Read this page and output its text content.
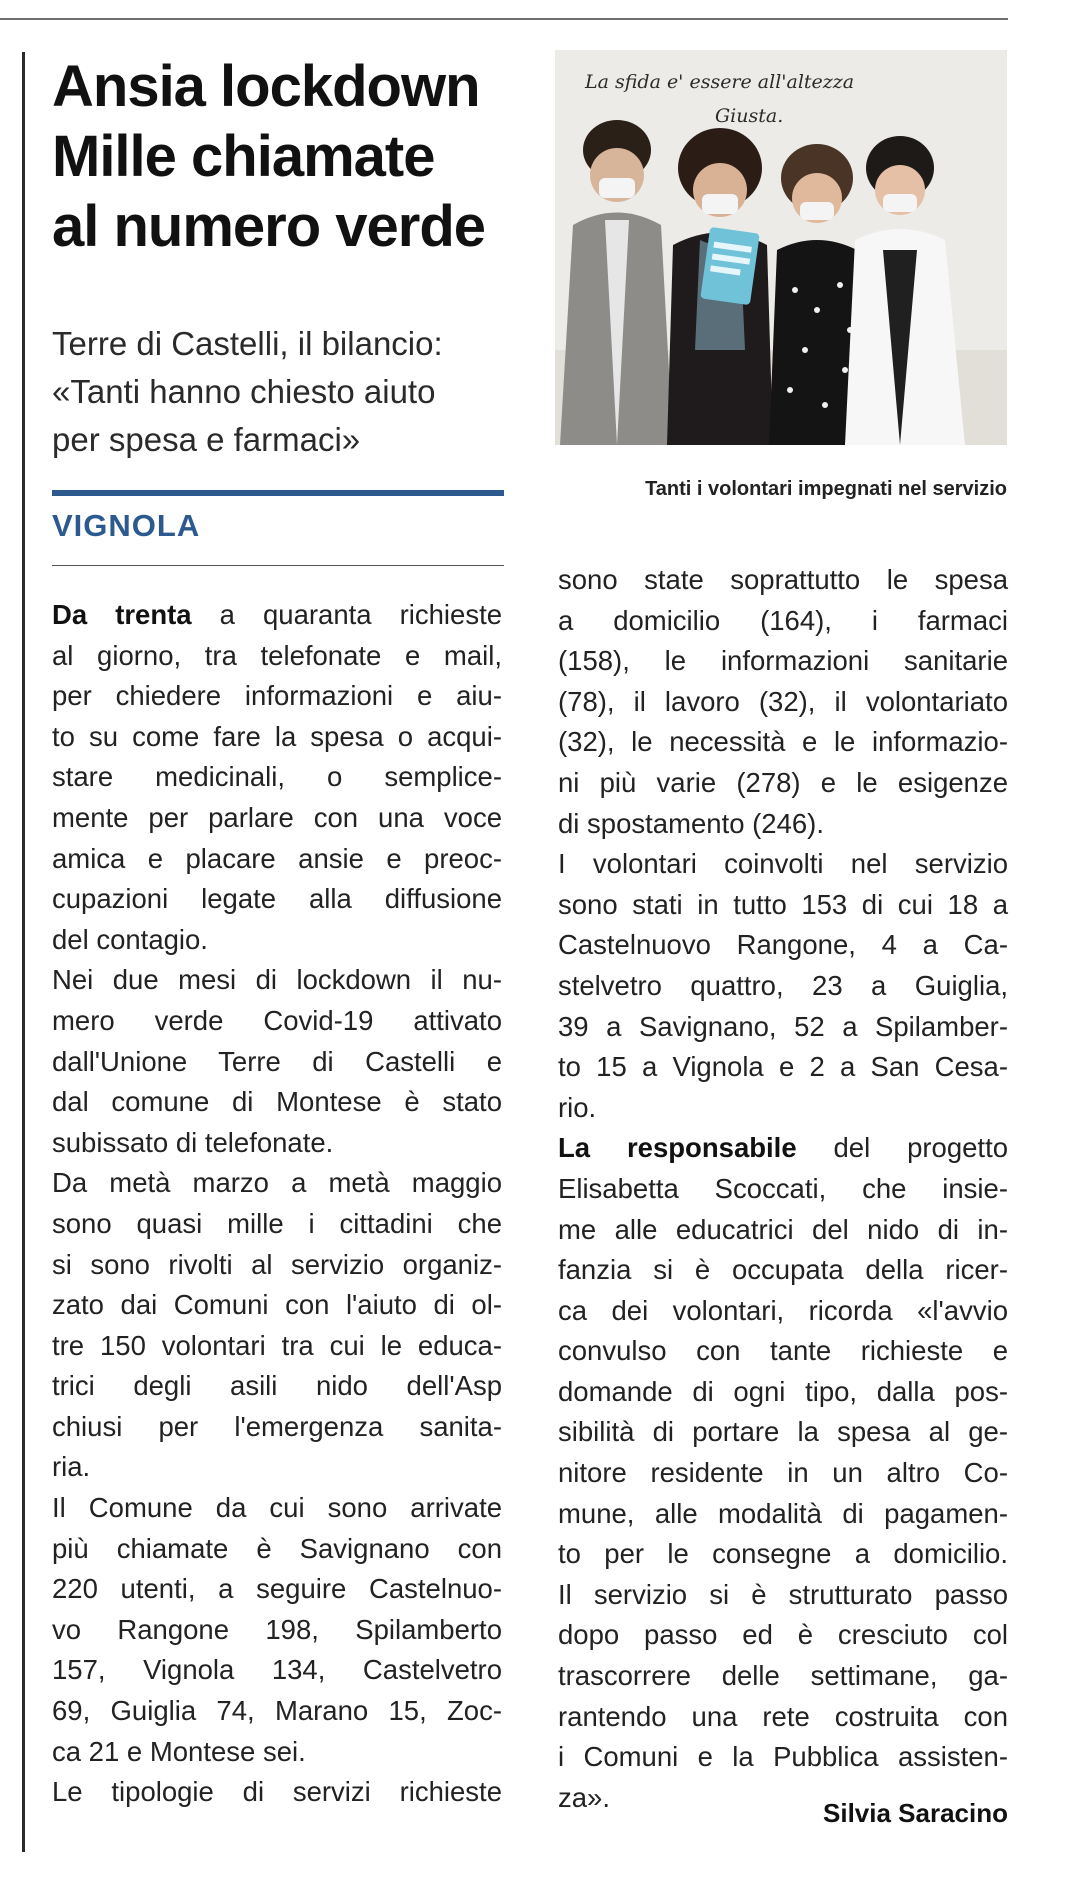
Ansia lockdown
Mille chiamate
al numero verde
Terre di Castelli, il bilancio:
«Tanti hanno chiesto aiuto
per spesa e farmaci»
VIGNOLA
La sfida e' essere all'altezza
Giusta.
Tanti i volontari impegnati nel servizio
Da trenta a quaranta richieste
al giorno, tra telefonate e mail,
per chiedere informazioni e aiu-
to su come fare la spesa o acqui-
stare medicinali, o semplice-
mente per parlare con una voce
amica e placare ansie e preoc-
cupazioni legate alla diffusione
del contagio.
Nei due mesi di lockdown il nu-
mero verde Covid-19 attivato
dall'Unione Terre di Castelli e
dal comune di Montese è stato
subissato di telefonate.
Da metà marzo a metà maggio
sono quasi mille i cittadini che
si sono rivolti al servizio organiz-
zato dai Comuni con l'aiuto di ol-
tre 150 volontari tra cui le educa-
trici degli asili nido dell'Asp
chiusi per l'emergenza sanita-
ria.
Il Comune da cui sono arrivate
più chiamate è Savignano con
220 utenti, a seguire Castelnuo-
vo Rangone 198, Spilamberto
157, Vignola 134, Castelvetro
69, Guiglia 74, Marano 15, Zoc-
ca 21 e Montese sei.
Le tipologie di servizi richieste
sono state soprattutto le spesa
a domicilio (164), i farmaci
(158), le informazioni sanitarie
(78), il lavoro (32), il volontariato
(32), le necessità e le informazio-
ni più varie (278) e le esigenze
di spostamento (246).
I volontari coinvolti nel servizio
sono stati in tutto 153 di cui 18 a
Castelnuovo Rangone, 4 a Ca-
stelvetro quattro, 23 a Guiglia,
39 a Savignano, 52 a Spilamber-
to 15 a Vignola e 2 a San Cesa-
rio.
La responsabile del progetto
Elisabetta Scoccati, che insie-
me alle educatrici del nido di in-
fanzia si è occupata della ricer-
ca dei volontari, ricorda «l'avvio
convulso con tante richieste e
domande di ogni tipo, dalla pos-
sibilità di portare la spesa al ge-
nitore residente in un altro Co-
mune, alle modalità di pagamen-
to per le consegne a domicilio.
Il servizio si è strutturato passo
dopo passo ed è cresciuto col
trascorrere delle settimane, ga-
rantendo una rete costruita con
i Comuni e la Pubblica assisten-
za».
Silvia Saracino
